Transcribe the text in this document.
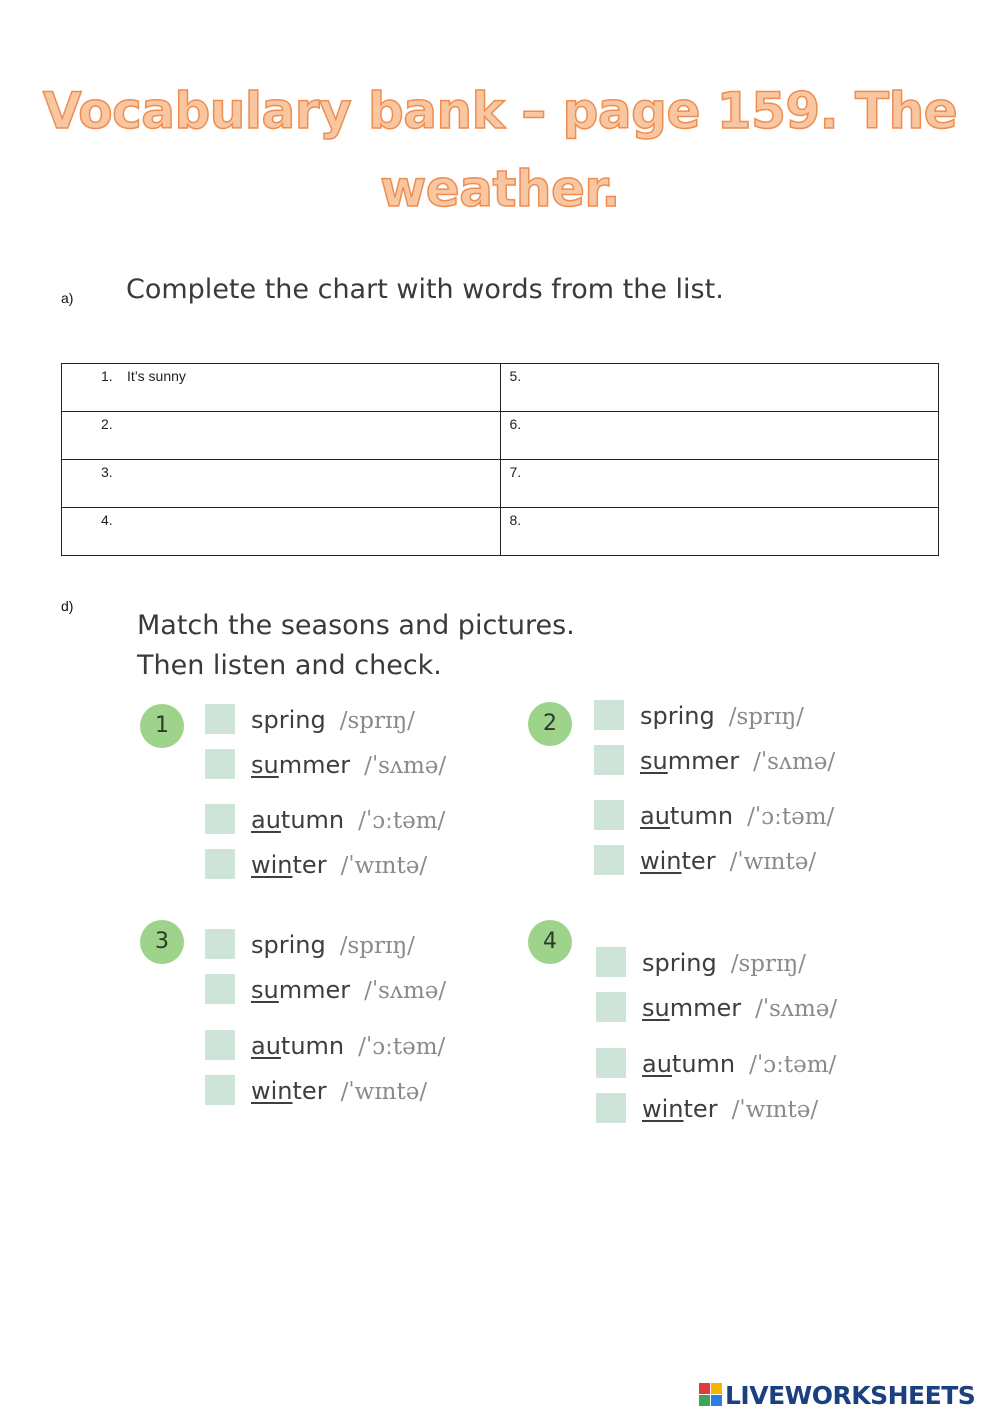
Vocabulary bank – page 159. The weather.
a) Complete the chart with words from the list.
1. It’s sunny	5.
2.	6.
3.	7.
4.	8.
d)
Match the seasons and pictures.
Then listen and check.
1	spring /sprɪŋ/
summer /ˈsʌmə/
autumn /ˈɔːtəm/
winter /ˈwɪntə/
2	spring /sprɪŋ/
summer /ˈsʌmə/
autumn /ˈɔːtəm/
winter /ˈwɪntə/
3	spring /sprɪŋ/
summer /ˈsʌmə/
autumn /ˈɔːtəm/
winter /ˈwɪntə/
4
spring /sprɪŋ/
summer /ˈsʌmə/
autumn /ˈɔːtəm/
winter /ˈwɪntə/
LIVEWORKSHEETS
